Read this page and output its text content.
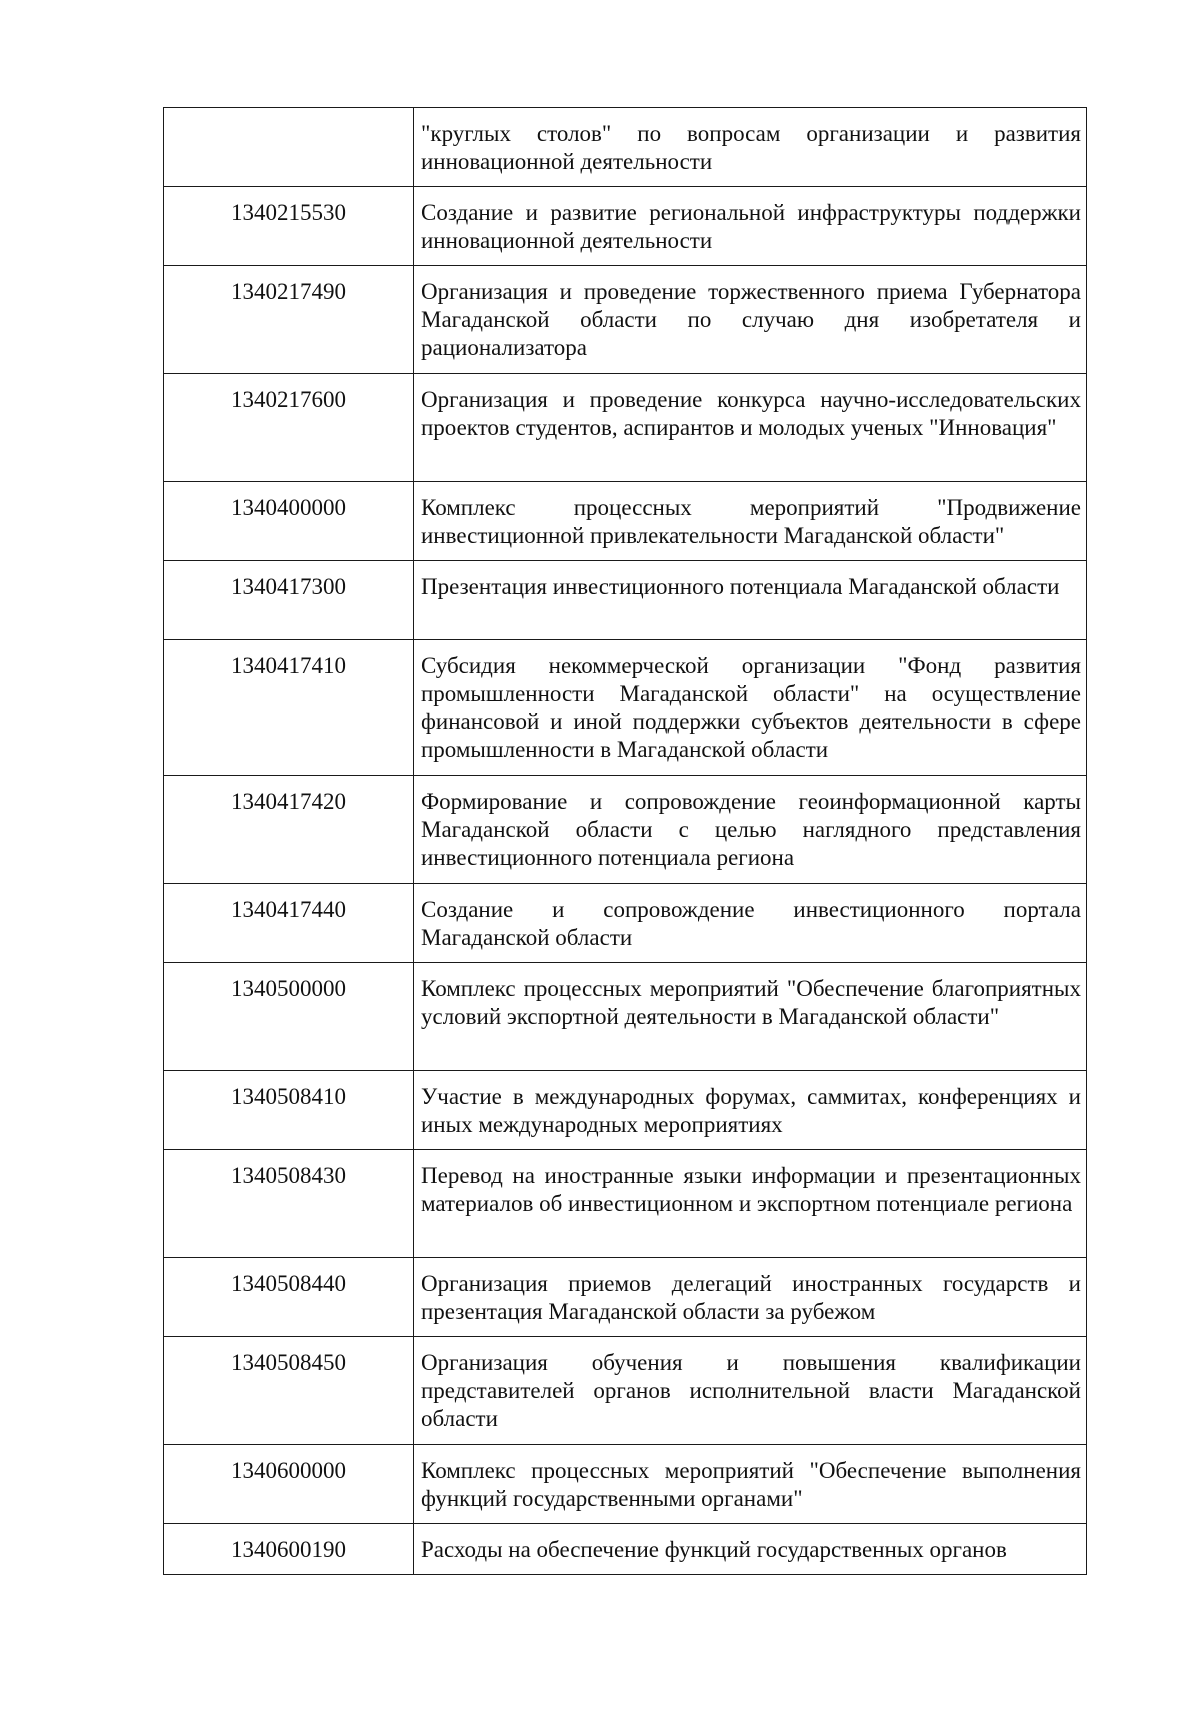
	"круглых столов" по вопросам организации и развития инновационной деятельности
1340215530	Создание и развитие региональной инфраструктуры поддержки инновационной деятельности
1340217490	Организация и проведение торжественного приема Губернатора Магаданской области по случаю дня изобретателя и рационализатора
1340217600	Организация и проведение конкурса научно-исследовательских проектов студентов, аспирантов и молодых ученых "Инновация"
1340400000	Комплекс процессных мероприятий "Продвижение инвестиционной привлекательности Магаданской области"
1340417300	Презентация инвестиционного потенциала Магаданской области
1340417410	Субсидия некоммерческой организации "Фонд развития промышленности Магаданской области" на осуществление финансовой и иной поддержки субъектов деятельности в сфере промышленности в Магаданской области
1340417420	Формирование и сопровождение геоинформационной карты Магаданской области с целью наглядного представления инвестиционного потенциала региона
1340417440	Создание и сопровождение инвестиционного портала Магаданской области
1340500000	Комплекс процессных мероприятий "Обеспечение благоприятных условий экспортной деятельности в Магаданской области"
1340508410	Участие в международных форумах, саммитах, конференциях и иных международных мероприятиях
1340508430	Перевод на иностранные языки информации и презентационных материалов об инвестиционном и экспортном потенциале региона
1340508440	Организация приемов делегаций иностранных государств и презентация Магаданской области за рубежом
1340508450	Организация обучения и повышения квалификации представителей органов исполнительной власти Магаданской области
1340600000	Комплекс процессных мероприятий "Обеспечение выполнения функций государственными органами"
1340600190	Расходы на обеспечение функций государственных органов
